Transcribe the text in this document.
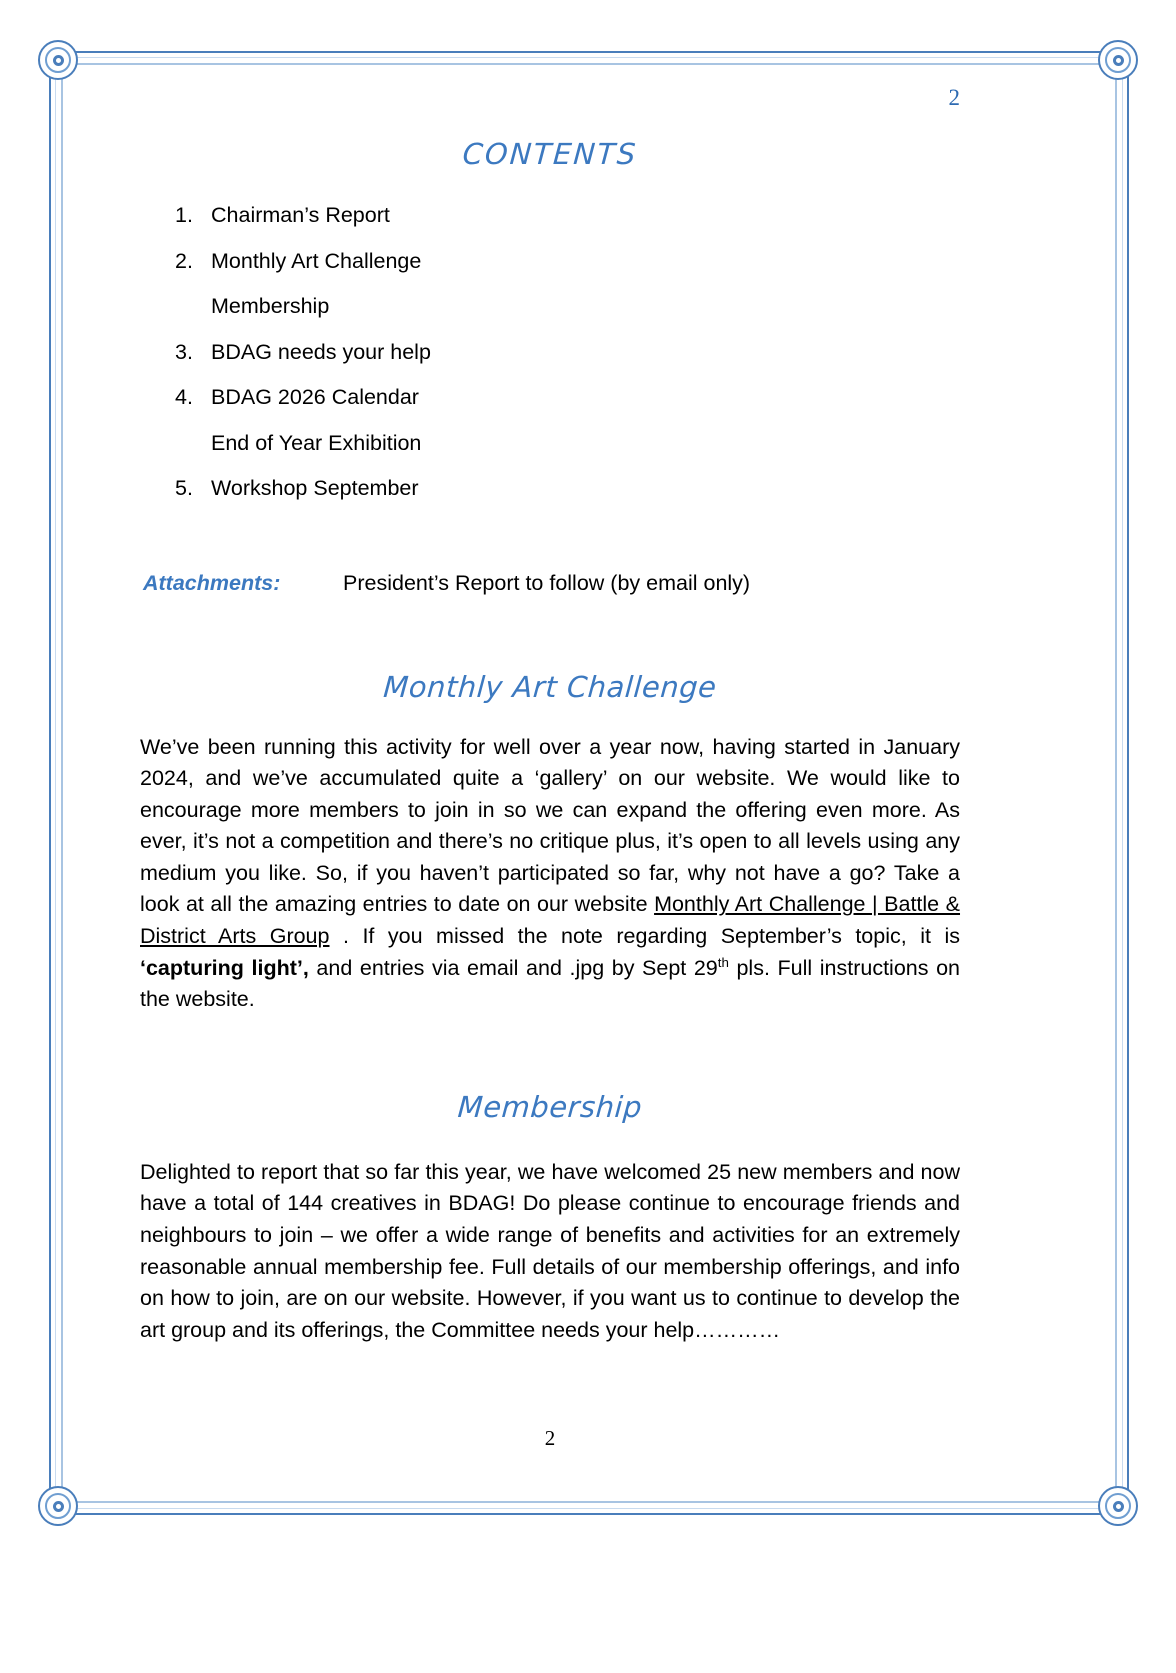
2
CONTENTS
1. Chairman’s Report
2. Monthly Art Challenge
Membership
3. BDAG needs your help
4. BDAG 2026 Calendar
End of Year Exhibition
5. Workshop September
Attachments:	President’s Report to follow (by email only)
Monthly Art Challenge

We’ve been running this activity for well over a year now, having started in January 2024, and we’ve accumulated quite a ‘gallery’ on our website. We would like to encourage more members to join in so we can expand the offering even more. As ever, it’s not a competition and there’s no critique plus, it’s open to all levels using any medium you like. So, if you haven’t participated so far, why not have a go? Take a look at all the amazing entries to date on our website Monthly Art Challenge | Battle & District Arts Group . If you missed the note regarding September’s topic, it is ‘capturing light’, and entries via email and .jpg by Sept 29th pls. Full instructions on the website.

Membership

Delighted to report that so far this year, we have welcomed 25 new members and now have a total of 144 creatives in BDAG! Do please continue to encourage friends and neighbours to join – we offer a wide range of benefits and activities for an extremely reasonable annual membership fee. Full details of our membership offerings, and info on how to join, are on our website. However, if you want us to continue to develop the art group and its offerings, the Committee needs your help…………

2
